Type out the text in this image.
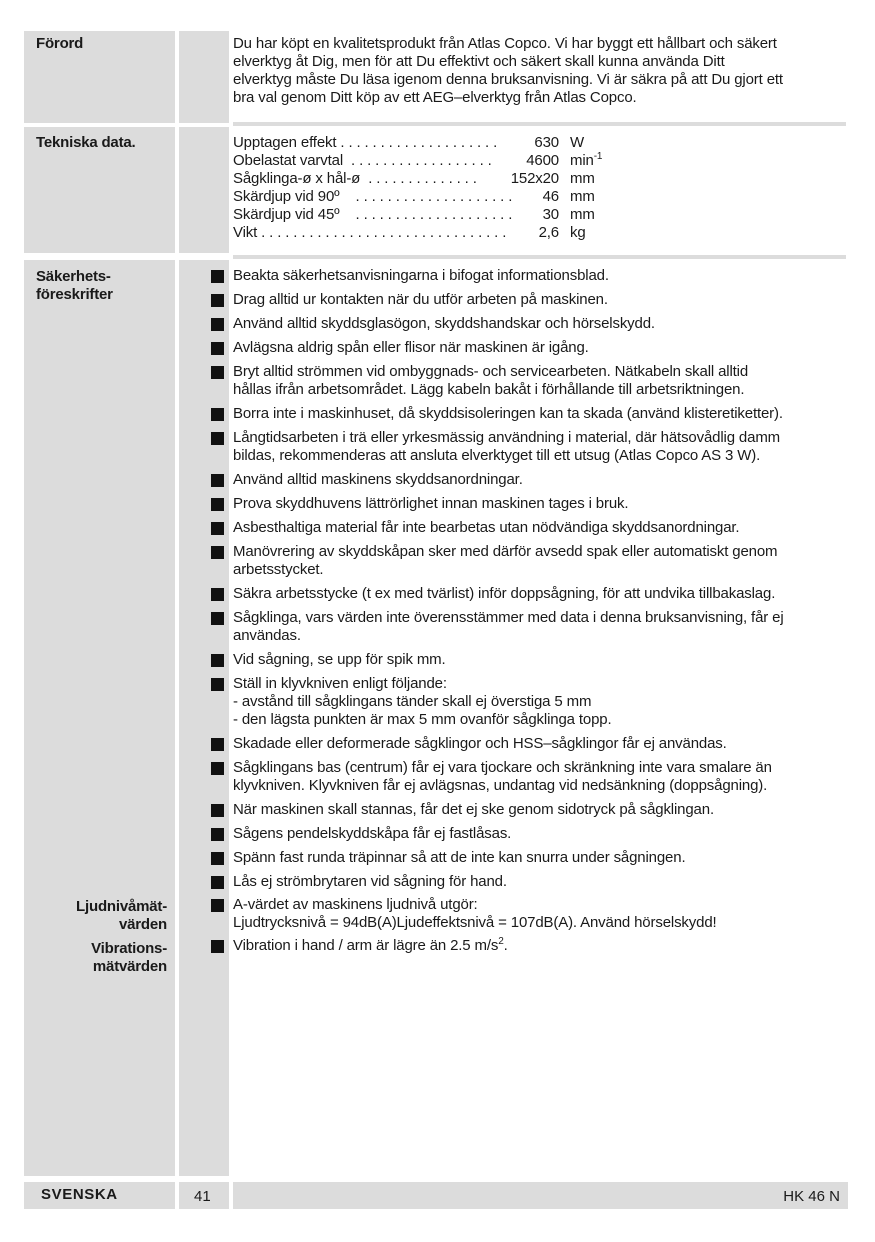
Förord	Du har köpt en kvalitetsprodukt från Atlas Copco. Vi har byggt ett hållbart och säkert
elverktyg åt Dig, men för att Du effektivt och säkert skall kunna använda Ditt
elverktyg måste Du läsa igenom denna bruksanvisning. Vi är säkra på att Du gjort ett
bra val genom Ditt köp av ett AEG–elverktyg från Atlas Copco.
Tekniska data.	Upptagen effekt . . . . . . . . . . . . . . . . . . . .	630 W
Obelastat varvtal  . . . . . . . . . . . . . . . . . .	4600 $\min^{-1}$
Sågklinga-ø x hål-ø  . . . . . . . . . . . . . .	152x20 mm
Skärdjup vid 90º    . . . . . . . . . . . . . . . . . . . .	46 mm
Skärdjup vid 45º    . . . . . . . . . . . . . . . . . . . .	30 mm
Vikt . . . . . . . . . . . . . . . . . . . . . . . . . . . . . . .	2,6 kg
Säkerhets-
föreskrifter
Beakta säkerhetsanvisningarna i bifogat informationsblad.
Drag alltid ur kontakten när du utför arbeten på maskinen.
Använd alltid skyddsglasögon, skyddshandskar och hörselskydd.
Avlägsna aldrig spån eller flisor när maskinen är igång.
Bryt alltid strömmen vid ombyggnads- och servicearbeten. Nätkabeln skall alltid
hållas ifrån arbetsområdet. Lägg kabeln bakåt i förhållande till arbetsriktningen.
Borra inte i maskinhuset, då skyddsisoleringen kan ta skada (använd klisteretiketter).
Långtidsarbeten i trä eller yrkesmässig användning i material, där hätsovådlig damm
bildas, rekommenderas att ansluta elverktyget till ett utsug (Atlas Copco AS 3 W).
Använd alltid maskinens skyddsanordningar.
Prova skyddhuvens lättrörlighet innan maskinen tages i bruk.
Asbesthaltiga material får inte bearbetas utan nödvändiga skyddsanordningar.
Manövrering av skyddskåpan sker med därför avsedd spak eller automatiskt genom
arbetsstycket.
Säkra arbetsstycke (t ex med tvärlist) inför doppsågning, för att undvika tillbakaslag.
Sågklinga, vars värden inte överensstämmer med data i denna bruksanvisning, får ej
användas.
Vid sågning, se upp för spik mm.
Ställ in klyvkniven enligt följande:
- avstånd till sågklingans tänder skall ej överstiga 5 mm
- den lägsta punkten är max 5 mm ovanför sågklinga topp.
Skadade eller deformerade sågklingor och HSS–sågklingor får ej användas.
Sågklingans bas (centrum) får ej vara tjockare och skränkning inte vara smalare än
klyvkniven. Klyvkniven får ej avlägsnas, undantag vid nedsänkning (doppsågning).
När maskinen skall stannas, får det ej ske genom sidotryck på sågklingan.
Sågens pendelskyddskåpa får ej fastlåsas.
Spänn fast runda träpinnar så att de inte kan snurra under sågningen.
Lås ej strömbrytaren vid sågning för hand.
Ljudnivåmät-
värden
A-värdet av maskinens ljudnivå utgör:
Ljudtrycksnivå = 94dB(A)Ljudeffektsnivå = 107dB(A). Använd hörselskydd!
Vibrations-
mätvärden
Vibration i hand / arm är lägre än 2.5 $m/s^2$.
SVENSKA	41	HK 46 N
